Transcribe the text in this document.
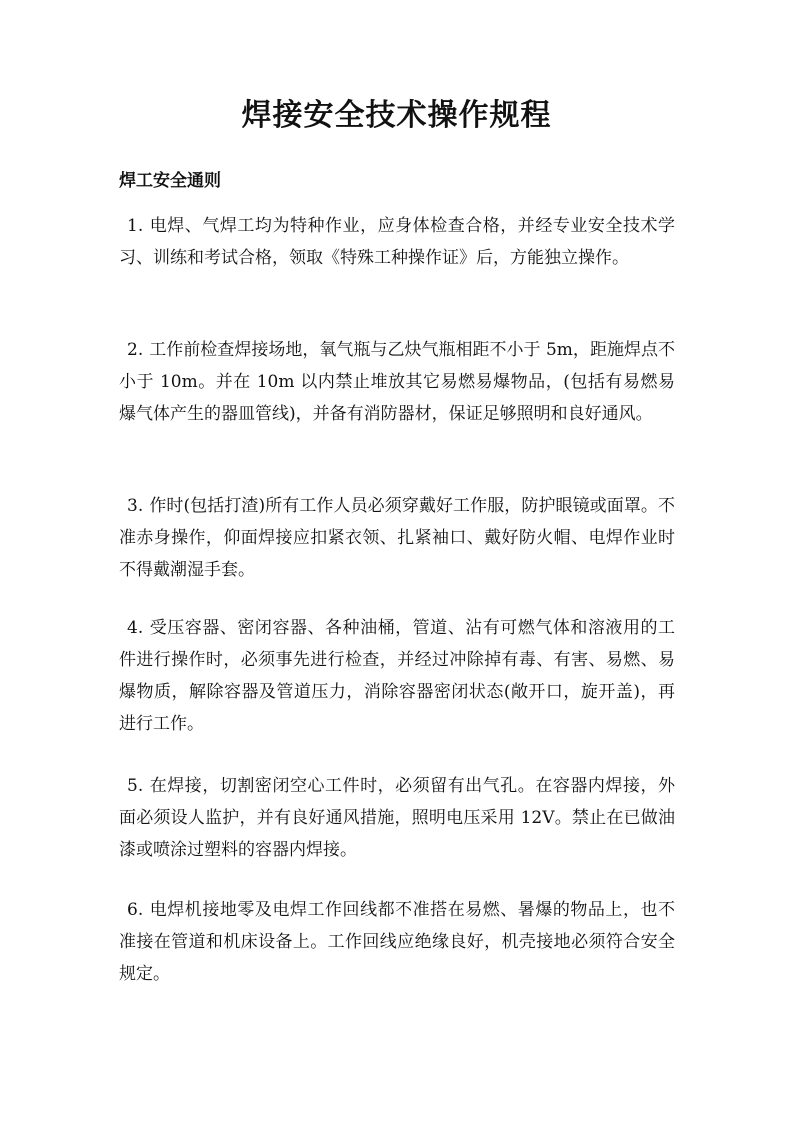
焊接安全技术操作规程
焊工安全通则

1. 电焊、气焊工均为特种作业，应身体检查合格，并经专业安全技术学习、训练和考试合格，领取《特殊工种操作证》后，方能独立操作。

2. 工作前检查焊接场地，氧气瓶与乙炔气瓶相距不小于 5m，距施焊点不小于 10m。并在 10m 以内禁止堆放其它易燃易爆物品，(包括有易燃易爆气体产生的器皿管线)，并备有消防器材，保证足够照明和良好通风。

3. 作时(包括打渣)所有工作人员必须穿戴好工作服，防护眼镜或面罩。不准赤身操作，仰面焊接应扣紧衣领、扎紧袖口、戴好防火帽、电焊作业时不得戴潮湿手套。

4. 受压容器、密闭容器、各种油桶，管道、沾有可燃气体和溶液用的工件进行操作时，必须事先进行检查，并经过冲除掉有毒、有害、易燃、易爆物质，解除容器及管道压力，消除容器密闭状态(敞开口，旋开盖)，再进行工作。

5. 在焊接，切割密闭空心工件时，必须留有出气孔。在容器内焊接，外面必须设人监护，并有良好通风措施，照明电压采用 12V。禁止在已做油漆或喷涂过塑料的容器内焊接。

6. 电焊机接地零及电焊工作回线都不准搭在易燃、暑爆的物品上，也不准接在管道和机床设备上。工作回线应绝缘良好，机壳接地必须符合安全规定。
